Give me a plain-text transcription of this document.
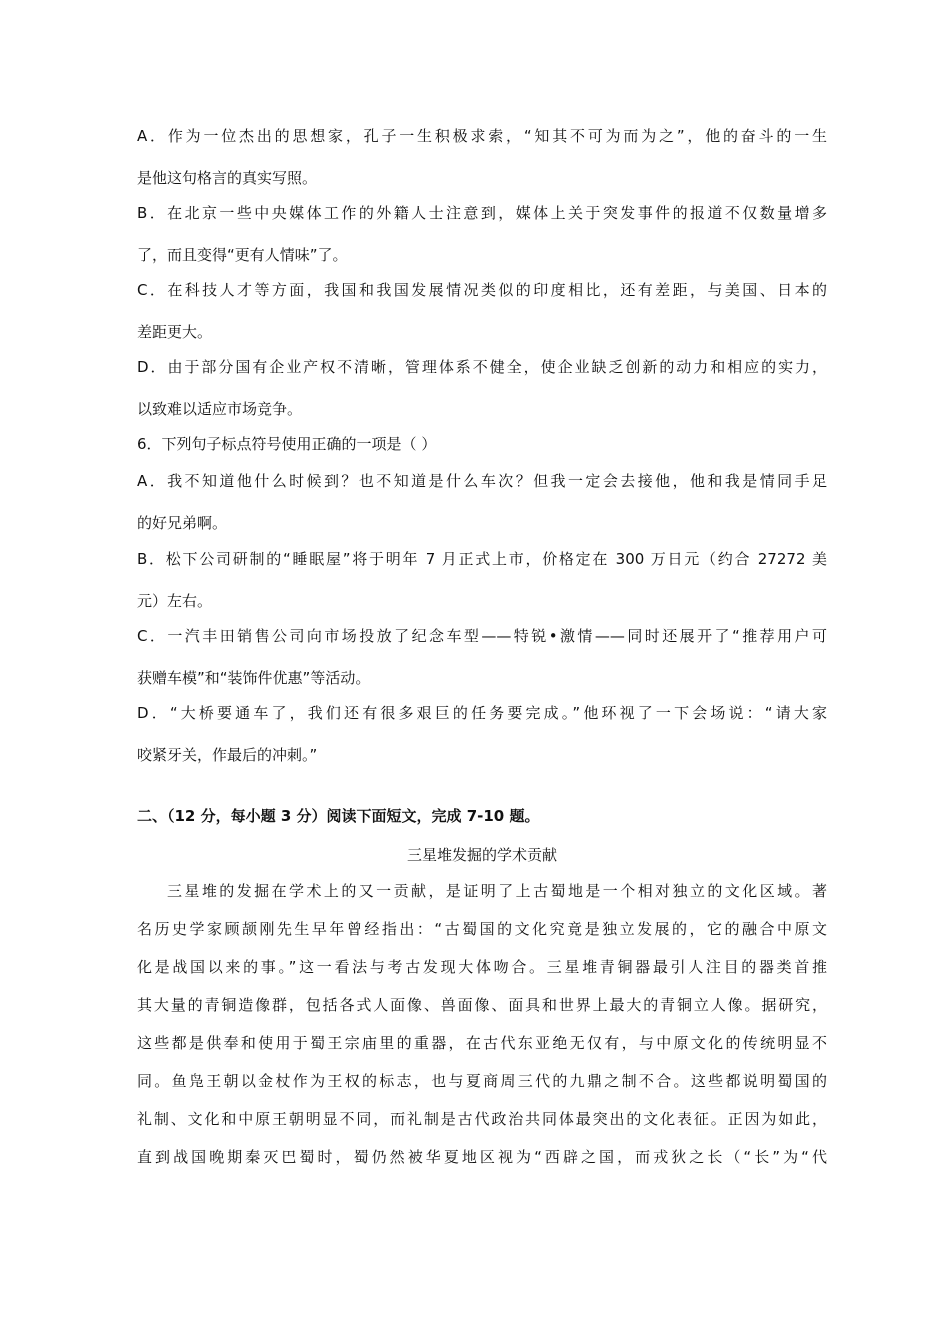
A．作为一位杰出的思想家，孔子一生积极求索，“知其不可为而为之”，他的奋斗的一生
是他这句格言的真实写照。
B．在北京一些中央媒体工作的外籍人士注意到，媒体上关于突发事件的报道不仅数量增多
了，而且变得“更有人情味”了。
C．在科技人才等方面，我国和我国发展情况类似的印度相比，还有差距，与美国、日本的
差距更大。
D．由于部分国有企业产权不清晰，管理体系不健全，使企业缺乏创新的动力和相应的实力，
以致难以适应市场竞争。
6．下列句子标点符号使用正确的一项是（ ）
A．我不知道他什么时候到？也不知道是什么车次？但我一定会去接他，他和我是情同手足
的好兄弟啊。
B．松下公司研制的“睡眠屋”将于明年 7 月正式上市，价格定在 300 万日元（约合 27272 美
元）左右。
C．一汽丰田销售公司向市场投放了纪念车型——特锐•激情——同时还展开了“推荐用户可
获赠车模”和“装饰件优惠”等活动。
D．“大桥要通车了，我们还有很多艰巨的任务要完成。”他环视了一下会场说：“请大家
咬紧牙关，作最后的冲刺。”
二、（12 分，每小题 3 分）阅读下面短文，完成 7-10 题。
三星堆发掘的学术贡献
三星堆的发掘在学术上的又一贡献，是证明了上古蜀地是一个相对独立的文化区域。著
名历史学家顾颉刚先生早年曾经指出：“古蜀国的文化究竟是独立发展的，它的融合中原文
化是战国以来的事。”这一看法与考古发现大体吻合。三星堆青铜器最引人注目的器类首推
其大量的青铜造像群，包括各式人面像、兽面像、面具和世界上最大的青铜立人像。据研究，
这些都是供奉和使用于蜀王宗庙里的重器，在古代东亚绝无仅有，与中原文化的传统明显不
同。鱼凫王朝以金杖作为王权的标志，也与夏商周三代的九鼎之制不合。这些都说明蜀国的
礼制、文化和中原王朝明显不同，而礼制是古代政治共同体最突出的文化表征。正因为如此，
直到战国晚期秦灭巴蜀时，蜀仍然被华夏地区视为“西辟之国，而戎狄之长（“长”为“代
